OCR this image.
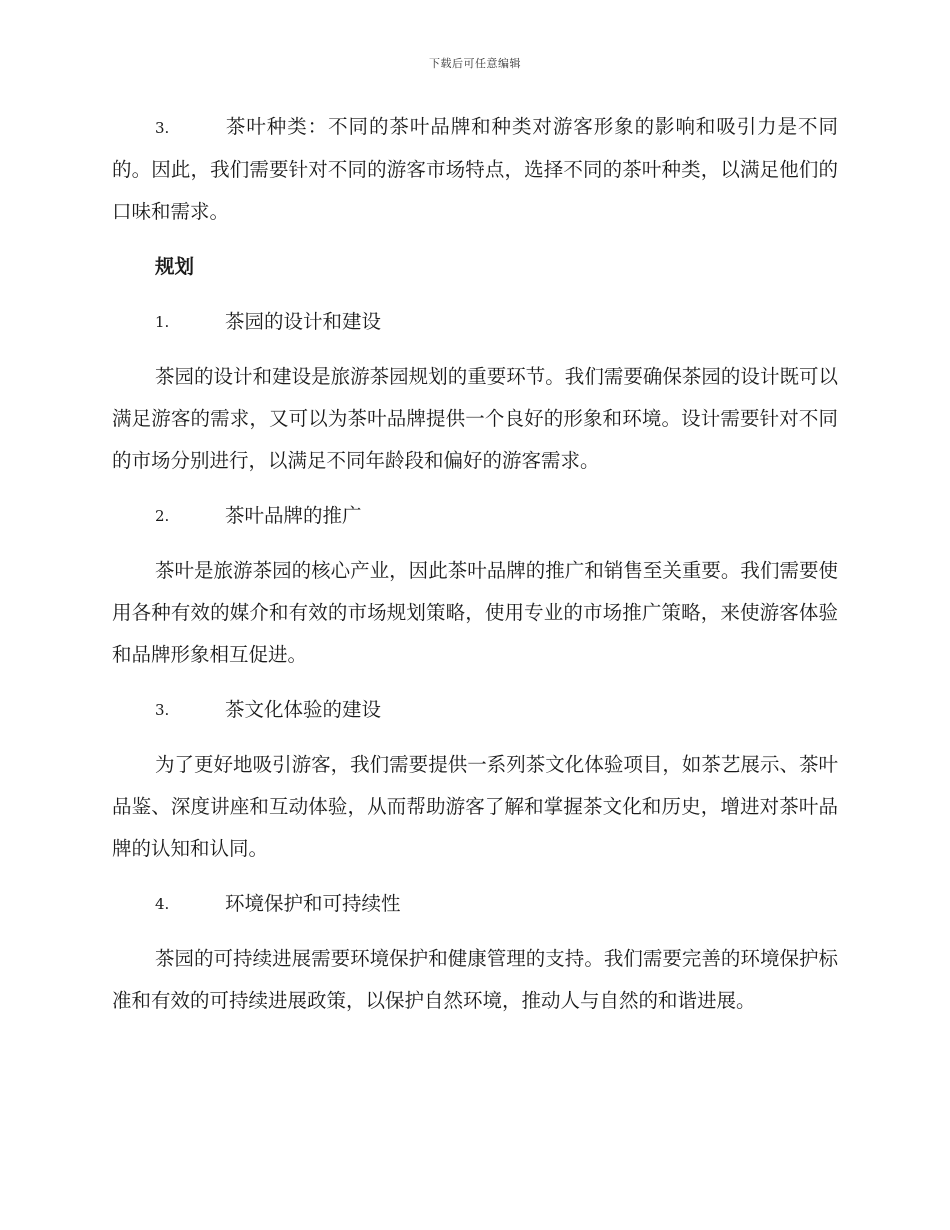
下载后可任意编辑
3.	茶叶种类：不同的茶叶品牌和种类对游客形象的影响和吸引力是不同的。因此，我们需要针对不同的游客市场特点，选择不同的茶叶种类，以满足他们的口味和需求。
规划
1.	茶园的设计和建设

茶园的设计和建设是旅游茶园规划的重要环节。我们需要确保茶园的设计既可以满足游客的需求，又可以为茶叶品牌提供一个良好的形象和环境。设计需要针对不同的市场分别进行，以满足不同年龄段和偏好的游客需求。

2.	茶叶品牌的推广

茶叶是旅游茶园的核心产业，因此茶叶品牌的推广和销售至关重要。我们需要使用各种有效的媒介和有效的市场规划策略，使用专业的市场推广策略，来使游客体验和品牌形象相互促进。

3.	茶文化体验的建设

为了更好地吸引游客，我们需要提供一系列茶文化体验项目，如茶艺展示、茶叶品鉴、深度讲座和互动体验，从而帮助游客了解和掌握茶文化和历史，增进对茶叶品牌的认知和认同。

4.	环境保护和可持续性

茶园的可持续进展需要环境保护和健康管理的支持。我们需要完善的环境保护标准和有效的可持续进展政策，以保护自然环境，推动人与自然的和谐进展。
